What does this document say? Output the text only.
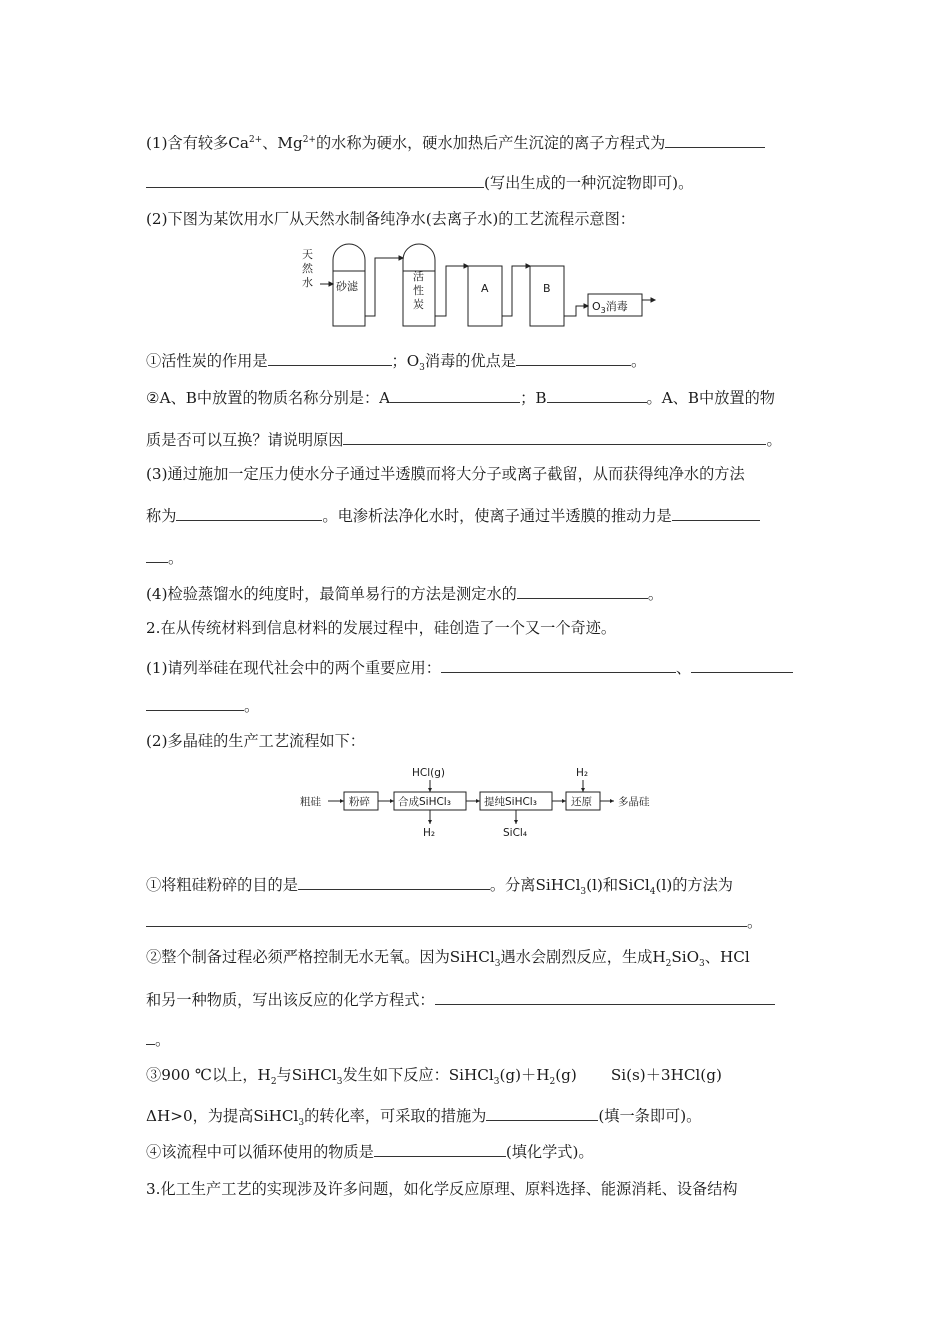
(1)含有较多$Ca^{2+}$、$Mg^{2+}$的水称为硬水，硬水加热后产生沉淀的离子方程式为
(写出生成的一种沉淀物即可)。
(2)下图为某饮用水厂从天然水制备纯净水(去离子水)的工艺流程示意图：
天
然
水 砂滤
活
性
炭
A	B
$O_3$消毒
①活性炭的作用是	；$O_3$消毒的优点是	。
②A、B中放置的物质名称分别是：A	；B	。A、B中放置的物
质是否可以互换？请说明原因	。
(3)通过施加一定压力使水分子通过半透膜而将大分子或离子截留，从而获得纯净水的方法
称为	。电渗析法净化水时，使离子通过半透膜的推动力是
。
(4)检验蒸馏水的纯度时，最简单易行的方法是测定水的	。
2.在从传统材料到信息材料的发展过程中，硅创造了一个又一个奇迹。
(1)请列举硅在现代社会中的两个重要应用：	、
。
(2)多晶硅的生产工艺流程如下：
粗硅	粉碎	合成SiHCl₃	提纯SiHCl₃	还原 多晶硅
HCl(g)
H₂	SiCl₄
H₂
①将粗硅粉碎的目的是	。分离SiHCl$_3$(l)和SiCl$_4$(l)的方法为
。
②整个制备过程必须严格控制无水无氧。因为SiHCl$_3$遇水会剧烈反应，生成$H_2SiO_3$、HCl
和另一种物质，写出该反应的化学方程式：
。
③900 ℃以上，$H_2$与SiHCl$_3$发生如下反应：$SiHCl_3(g)+H_2(g)$ Si(s)＋3HCl(g)
ΔH>0，为提高SiHCl$_3$的转化率，可采取的措施为	(填一条即可)。
④该流程中可以循环使用的物质是	(填化学式)。
3.化工生产工艺的实现涉及许多问题，如化学反应原理、原料选择、能源消耗、设备结构
